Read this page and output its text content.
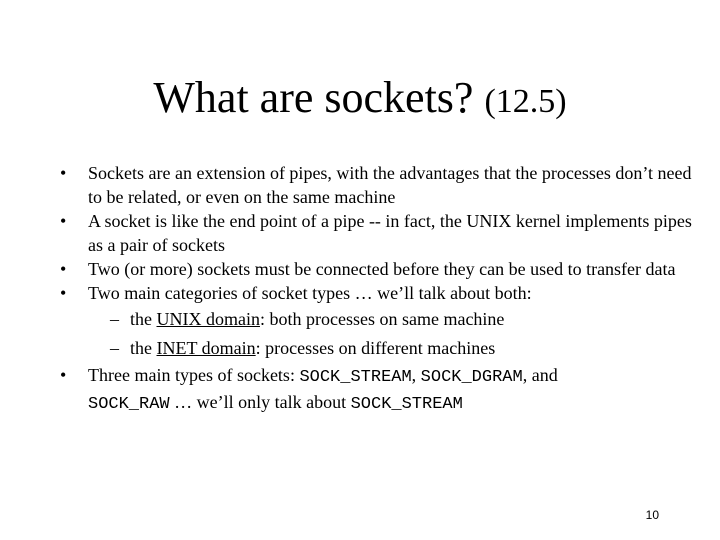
What are sockets? (12.5)
• Sockets are an extension of pipes, with the advantages that the processes don’t need to be related, or even on the same machine
• A socket is like the end point of a pipe -- in fact, the UNIX kernel implements pipes as a pair of sockets
• Two (or more) sockets must be connected before they can be used to transfer data
• Two main categories of socket types … we’ll talk about both:
– the UNIX domain: both processes on same machine
– the INET domain: processes on different machines
• Three main types of sockets: SOCK_STREAM, SOCK_DGRAM, and
SOCK_RAW … we’ll only talk about SOCK_STREAM
10
